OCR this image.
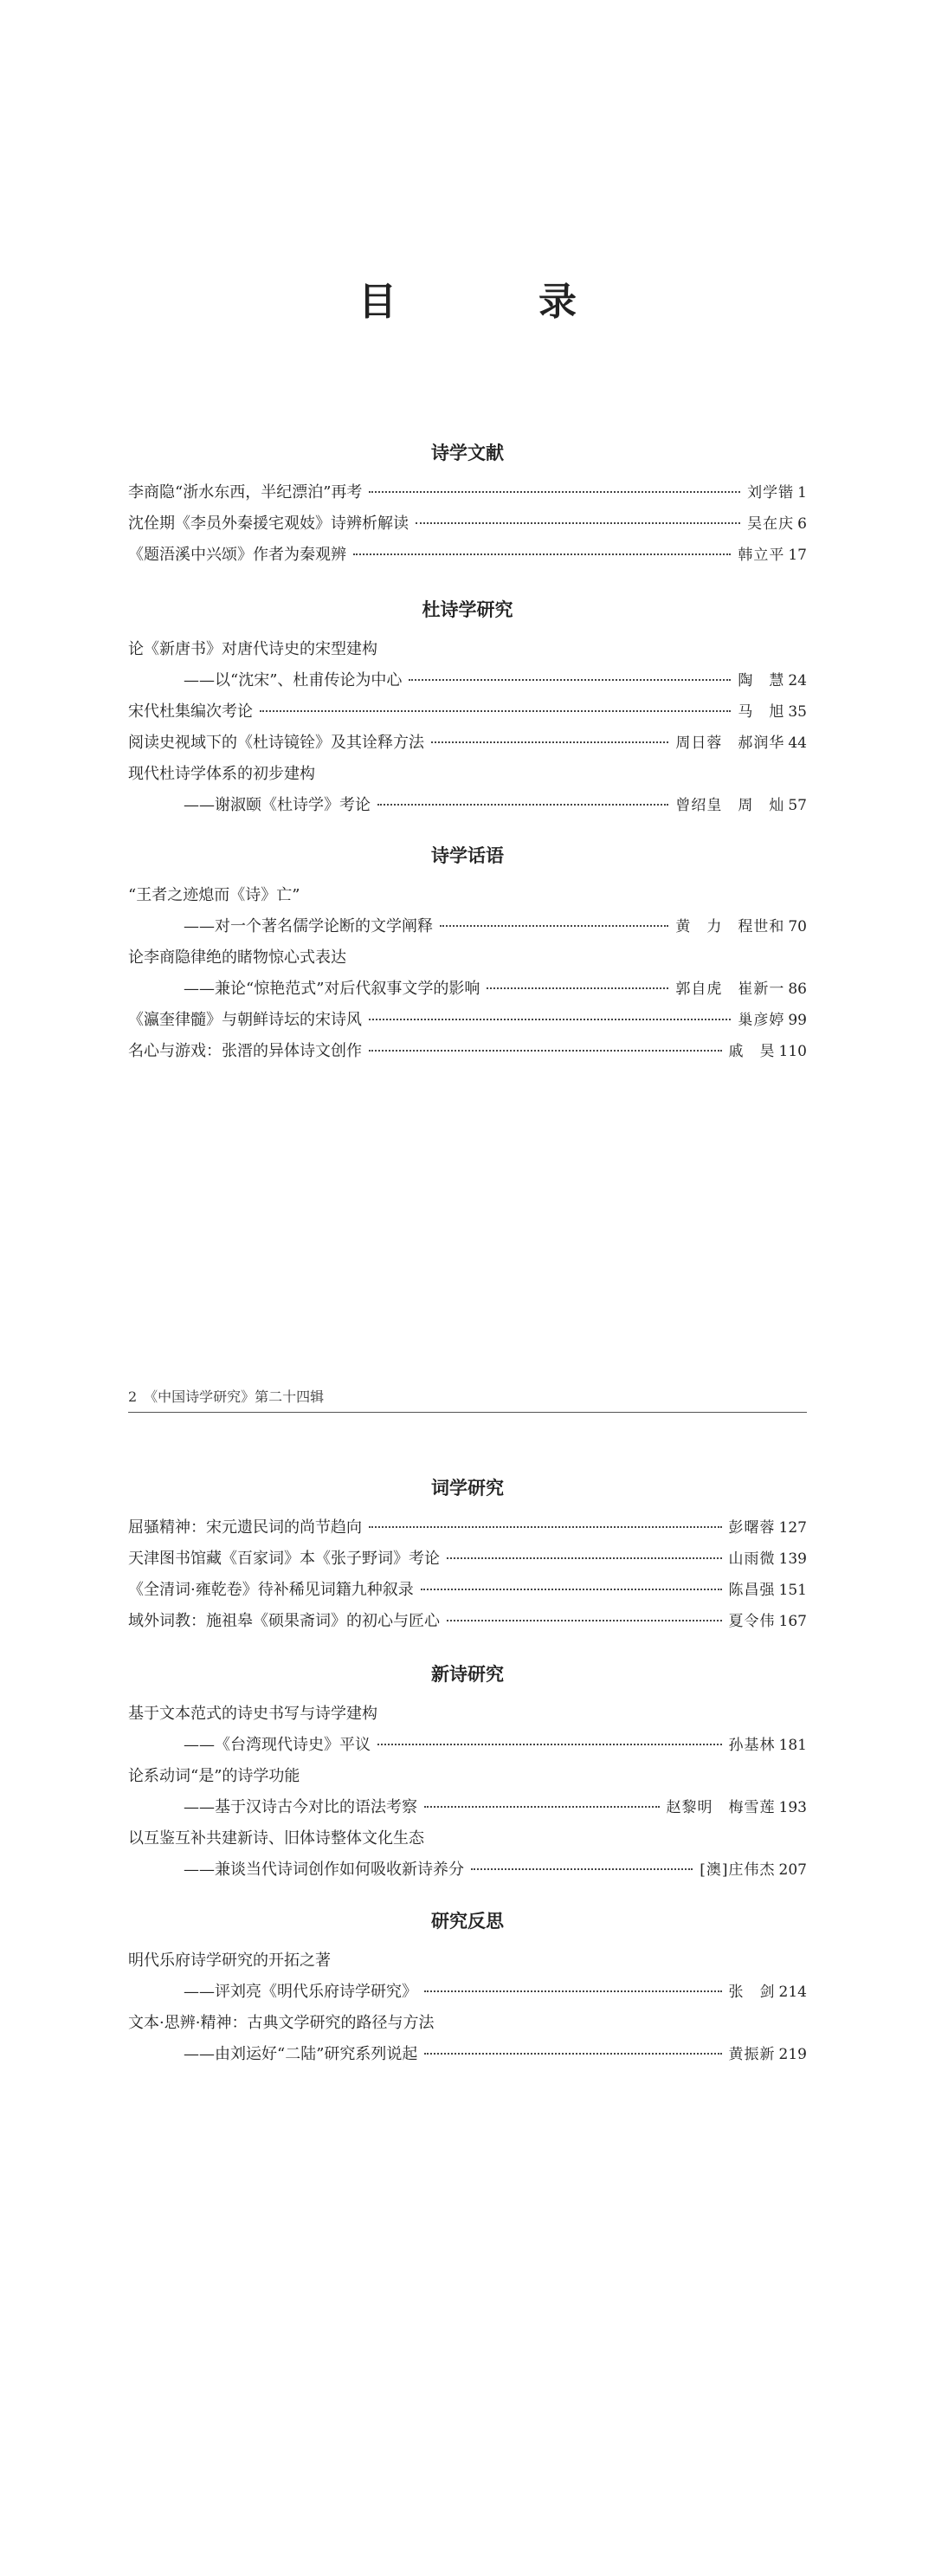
目　录
诗学文献
李商隐“浙水东西，半纪漂泊”再考	刘学锴 1
沈佺期《李员外秦援宅观妓》诗辨析解读	吴在庆 6
《题浯溪中兴颂》作者为秦观辨	韩立平 17
杜诗学研究
论《新唐书》对唐代诗史的宋型建构
——以“沈宋”、杜甫传论为中心	陶　慧 24
宋代杜集编次考论	马　旭 35
阅读史视域下的《杜诗镜铨》及其诠释方法	周日蓉　郝润华 44
现代杜诗学体系的初步建构
——谢淑颐《杜诗学》考论	曾绍皇　周　灿 57
诗学话语
“王者之迹熄而《诗》亡”
——对一个著名儒学论断的文学阐释	黄　力　程世和 70
论李商隐律绝的睹物惊心式表达
——兼论“惊艳范式”对后代叙事文学的影响	郭自虎　崔新一 86
《瀛奎律髓》与朝鲜诗坛的宋诗风	巢彦婷 99
名心与游戏：张溍的异体诗文创作	戚　昊 110
2　《中国诗学研究》第二十四辑
词学研究
屈骚精神：宋元遗民词的尚节趋向	彭曙蓉 127
天津图书馆藏《百家词》本《张子野词》考论	山雨微 139
《全清词·雍乾卷》待补稀见词籍九种叙录	陈昌强 151
域外词教：施祖皋《硕果斋词》的初心与匠心	夏令伟 167
新诗研究
基于文本范式的诗史书写与诗学建构
——《台湾现代诗史》平议	孙基林 181
论系动词“是”的诗学功能
——基于汉诗古今对比的语法考察	赵黎明　梅雪莲 193
以互鉴互补共建新诗、旧体诗整体文化生态
——兼谈当代诗词创作如何吸收新诗养分	[澳]庄伟杰 207
研究反思
明代乐府诗学研究的开拓之著
——评刘亮《明代乐府诗学研究》	张　剑 214
文本·思辨·精神：古典文学研究的路径与方法
——由刘运好“二陆”研究系列说起	黄振新 219
